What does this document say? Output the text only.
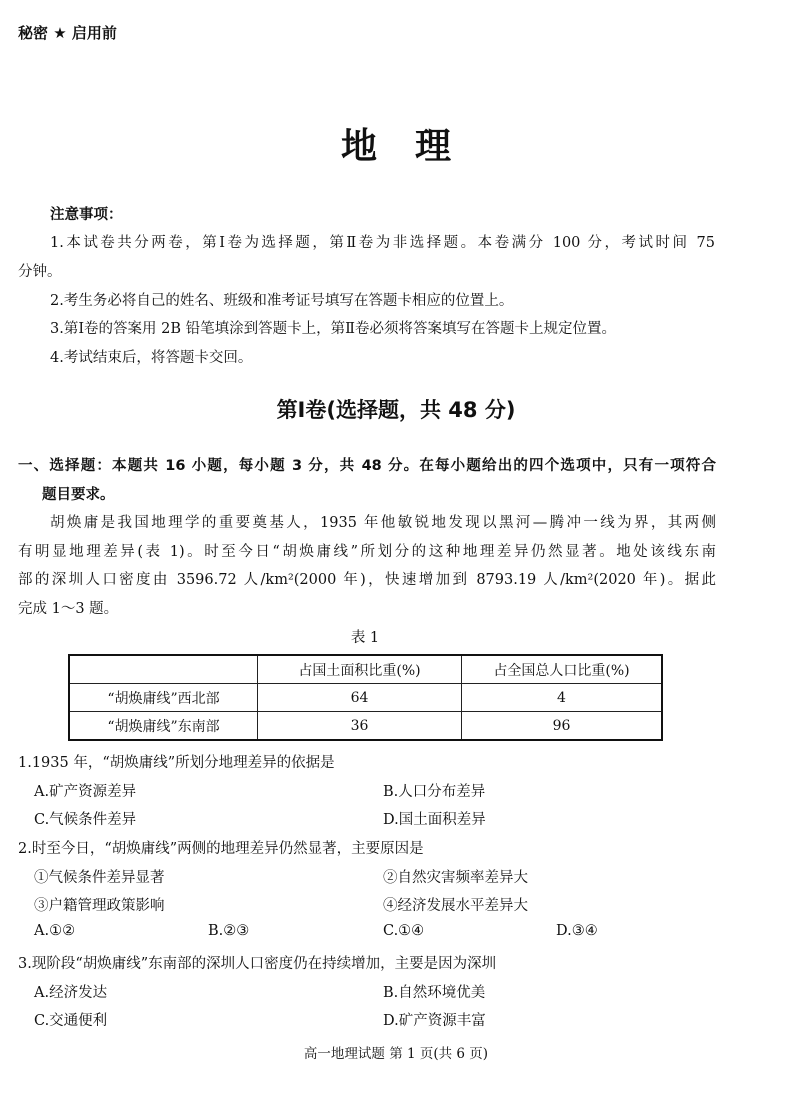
秘密 ★ 启用前
地理
注意事项：
1.本试卷共分两卷，第Ⅰ卷为选择题，第Ⅱ卷为非选择题。本卷满分 100 分，考试时间 75
分钟。
2.考生务必将自己的姓名、班级和准考证号填写在答题卡相应的位置上。
3.第Ⅰ卷的答案用 2B 铅笔填涂到答题卡上，第Ⅱ卷必须将答案填写在答题卡上规定位置。
4.考试结束后，将答题卡交回。
第Ⅰ卷(选择题，共 48 分)
一、选择题：本题共 16 小题，每小题 3 分，共 48 分。在每小题给出的四个选项中，只有一项符合
题目要求。
胡焕庸是我国地理学的重要奠基人，1935 年他敏锐地发现以黑河—腾冲一线为界，其两侧
有明显地理差异(表 1)。时至今日“胡焕庸线”所划分的这种地理差异仍然显著。地处该线东南
部的深圳人口密度由 3596.72 人/km²(2000 年)，快速增加到 8793.19 人/km²(2020 年)。据此
完成 1～3 题。
表 1
	占国土面积比重(%)	占全国总人口比重(%)
“胡焕庸线”西北部	64	4
“胡焕庸线”东南部	36	96
1.1935 年，“胡焕庸线”所划分地理差异的依据是
A.矿产资源差异	B.人口分布差异
C.气候条件差异	D.国土面积差异
2.时至今日，“胡焕庸线”两侧的地理差异仍然显著，主要原因是
①气候条件差异显著	②自然灾害频率差异大
③户籍管理政策影响	④经济发展水平差异大
A.①②	B.②③	C.①④	D.③④
3.现阶段“胡焕庸线”东南部的深圳人口密度仍在持续增加，主要是因为深圳
A.经济发达	B.自然环境优美
C.交通便利	D.矿产资源丰富
高一地理试题 第 1 页(共 6 页)
